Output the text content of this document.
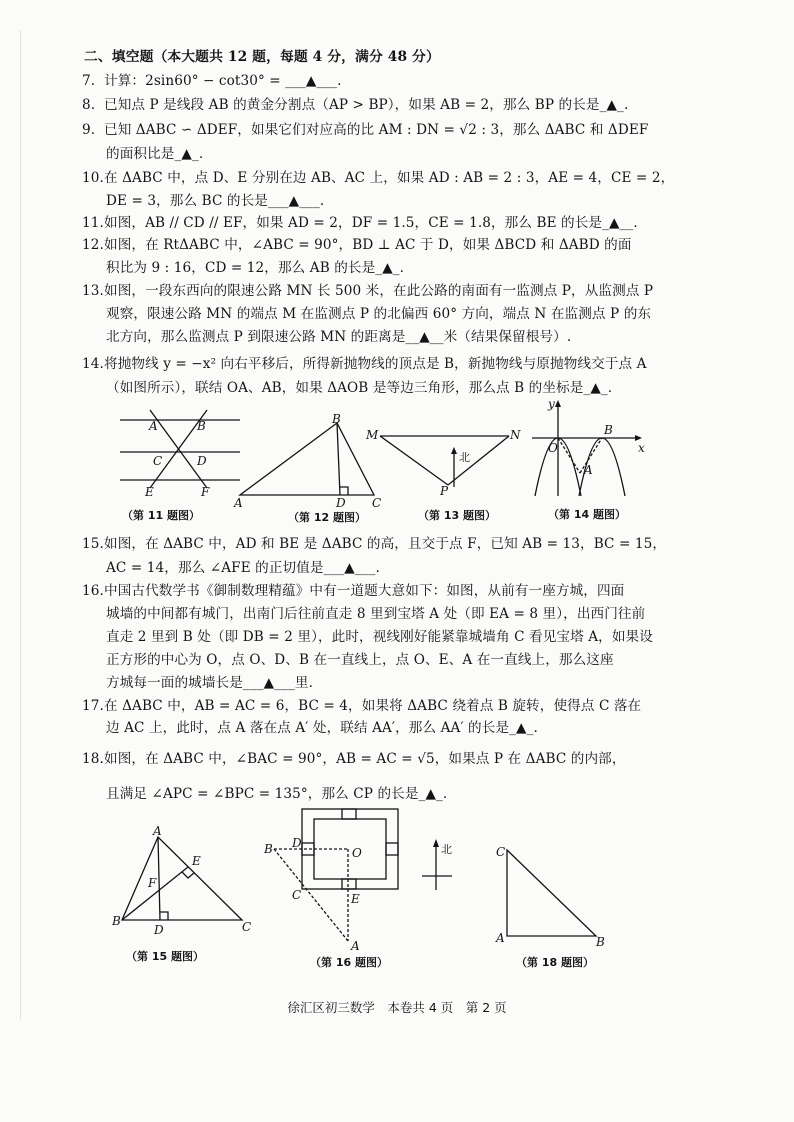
二、填空题（本大题共 12 题，每题 4 分，满分 48 分）
7. 计算：2sin60° − cot30° = ___▲___.
8. 已知点 P 是线段 AB 的黄金分割点（AP > BP），如果 AB = 2，那么 BP 的长是_▲_.
9. 已知 ΔABC ∽ ΔDEF，如果它们对应高的比 AM : DN = √2 : 3，那么 ΔABC 和 ΔDEF
的面积比是_▲_.
10.在 ΔABC 中，点 D、E 分别在边 AB、AC 上，如果 AD : AB = 2 : 3，AE = 4，CE = 2，
DE = 3，那么 BC 的长是___▲___.
11.如图，AB // CD // EF，如果 AD = 2，DF = 1.5，CE = 1.8，那么 BE 的长是_▲__.
12.如图，在 RtΔABC 中，∠ABC = 90°，BD ⊥ AC 于 D，如果 ΔBCD 和 ΔABD 的面
积比为 9 : 16，CD = 12，那么 AB 的长是_▲_.
13.如图，一段东西向的限速公路 MN 长 500 米，在此公路的南面有一监测点 P，从监测点 P
观察，限速公路 MN 的端点 M 在监测点 P 的北偏西 60° 方向，端点 N 在监测点 P 的东
北方向，那么监测点 P 到限速公路 MN 的距离是__▲__米（结果保留根号）.
14.将抛物线 y = −x² 向右平移后，所得新抛物线的顶点是 B，新抛物线与原抛物线交于点 A
（如图所示），联结 OA、AB，如果 ΔAOB 是等边三角形，那么点 B 的坐标是_▲_.
A	B
C	D
E	F
（第 11 题图）
B
A	D C
（第 12 题图）
M	N
P
北
（第 13 题图）
y
x
O
B
A
（第 14 题图）
15.如图，在 ΔABC 中，AD 和 BE 是 ΔABC 的高，且交于点 F，已知 AB = 13，BC = 15，
AC = 14，那么 ∠AFE 的正切值是___▲___.
16.中国古代数学书《御制数理精蕴》中有一道题大意如下：如图，从前有一座方城，四面
城墙的中间都有城门，出南门后往前直走 8 里到宝塔 A 处（即 EA = 8 里），出西门往前
直走 2 里到 B 处（即 DB = 2 里），此时，视线刚好能紧靠城墙角 C 看见宝塔 A，如果设
正方形的中心为 O，点 O、D、B 在一直线上，点 O、E、A 在一直线上，那么这座
方城每一面的城墙长是___▲___里.
17.在 ΔABC 中，AB = AC = 6，BC = 4，如果将 ΔABC 绕着点 B 旋转，使得点 C 落在
边 AC 上，此时，点 A 落在点 A′ 处，联结 AA′，那么 AA′ 的长是_▲_.
18.如图，在 ΔABC 中，∠BAC = 90°，AB = AC = √5，如果点 P 在 ΔABC 的内部，
且满足 ∠APC = ∠BPC = 135°，那么 CP 的长是_▲_.
A
E
F
B
D	C
（第 15 题图）
B D
O
C	E
A
（第 16 题图）
北	C
A	B
（第 18 题图）
徐汇区初三数学　本卷共 4 页　第 2 页
